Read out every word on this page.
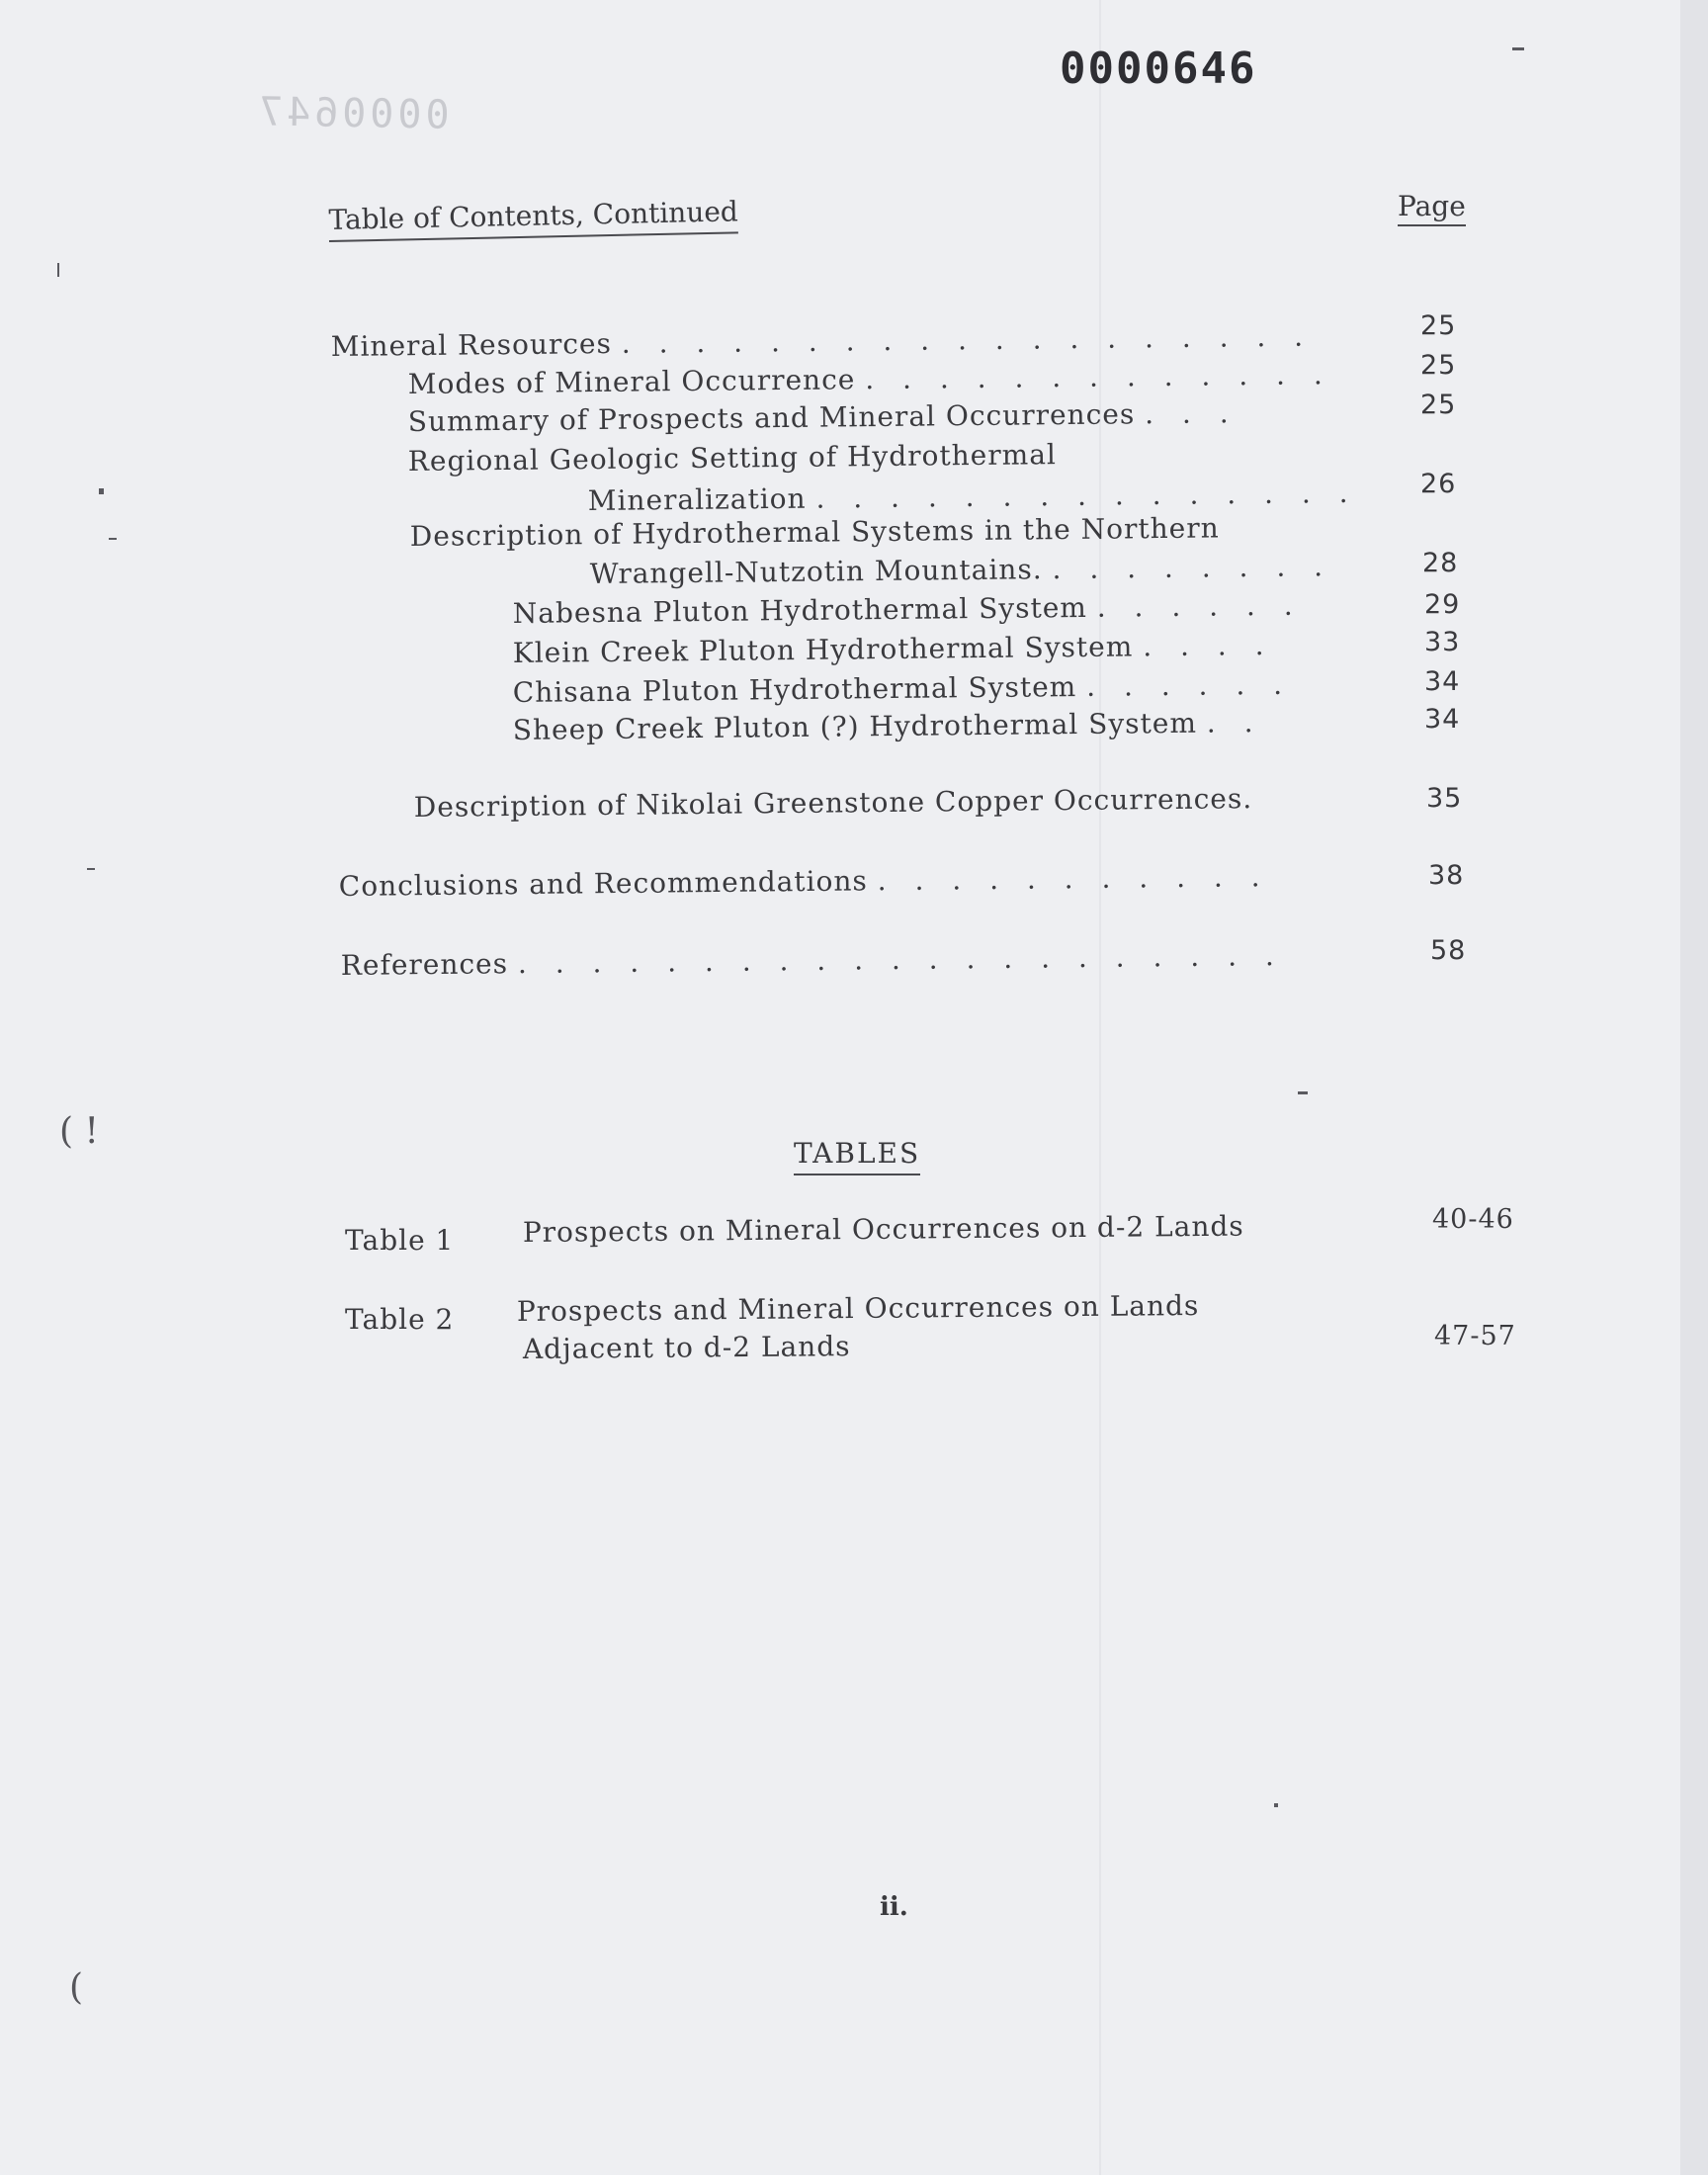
0000647
0000646
Table of Contents, Continued	Page
Mineral Resources . . . . . . . . . . . . . . . . . . .	25
Modes of Mineral Occurrence . . . . . . . . . . . . .	25
Summary of Prospects and Mineral Occurrences . . .	25
Regional Geologic Setting of Hydrothermal
Mineralization . . . . . . . . . . . . . . . 26
Description of Hydrothermal Systems in the Northern
Wrangell-Nutzotin Mountains. . . . . . . . .	28
Nabesna Pluton Hydrothermal System . . . . . .	29
Klein Creek Pluton Hydrothermal System . . . .	33
Chisana Pluton Hydrothermal System . . . . . .	34
Sheep Creek Pluton (?) Hydrothermal System . .	34
Description of Nikolai Greenstone Copper Occurrences.	35
Conclusions and Recommendations . . . . . . . . . . .	38
References . . . . . . . . . . . . . . . . . . . . .	58
TABLES
Table 1 Prospects on Mineral Occurrences on d-2 Lands	40-46
Table 2 Prospects and Mineral Occurrences on Lands
Adjacent to d-2 Lands	47-57
ii.
( !
(
